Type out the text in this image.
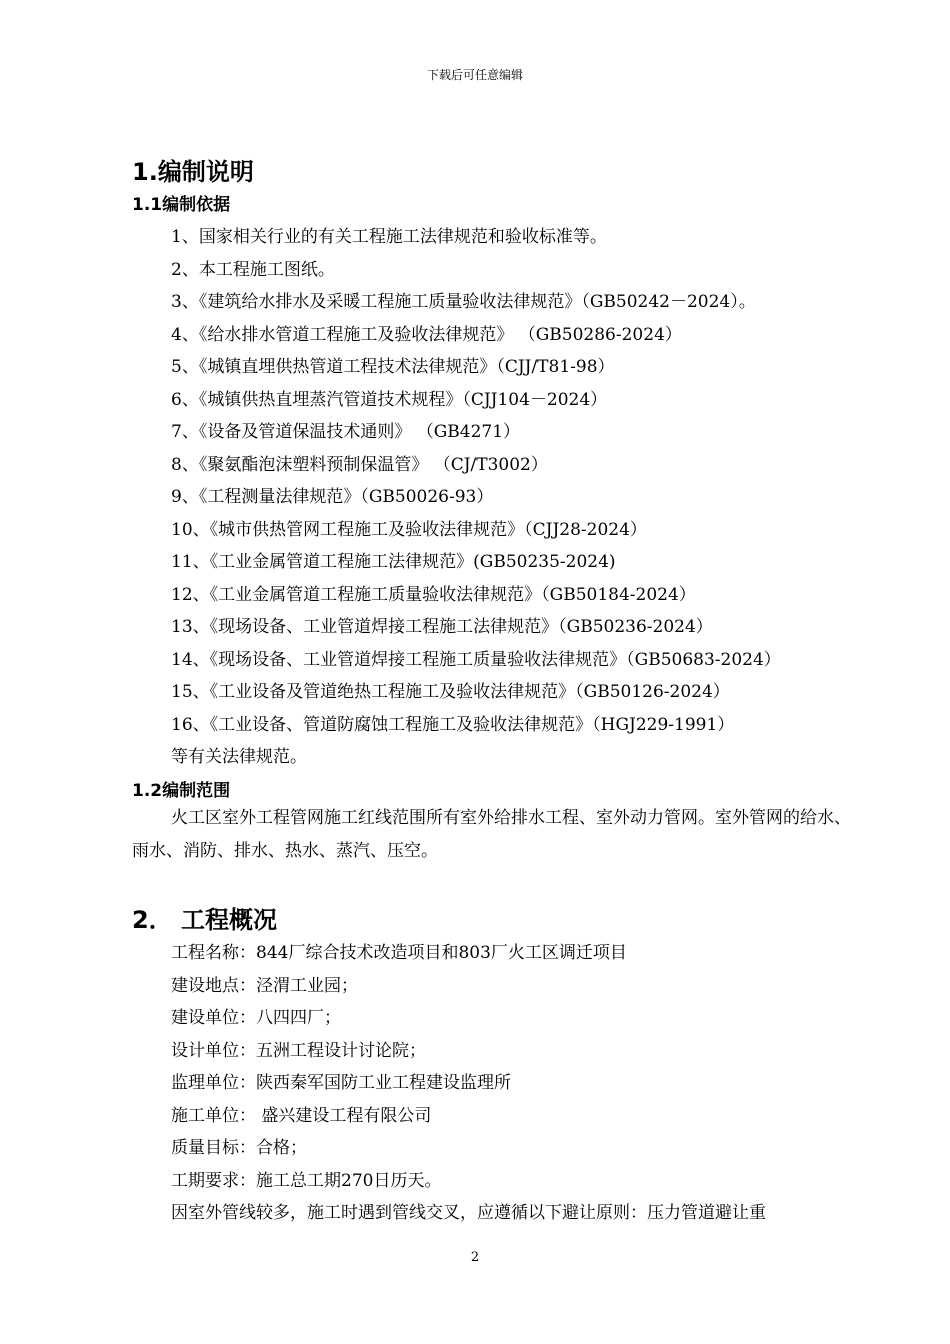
下载后可任意编辑
1.编制说明
1.1编制依据
1、国家相关行业的有关工程施工法律规范和验收标准等。
2、本工程施工图纸。
3、《建筑给水排水及采暖工程施工质量验收法律规范》（GB50242－2024）。
4、《给水排水管道工程施工及验收法律规范》 （GB50286-2024）
5、《城镇直埋供热管道工程技术法律规范》（CJJ/T81-98）
6、《城镇供热直埋蒸汽管道技术规程》（CJJ104－2024）
7、《设备及管道保温技术通则》 （GB4271）
8、《聚氨酯泡沫塑料预制保温管》 （CJ/T3002）
9、《工程测量法律规范》（GB50026-93）
10、《城市供热管网工程施工及验收法律规范》（CJJ28-2024）
11、《工业金属管道工程施工法律规范》(GB50235-2024)
12、《工业金属管道工程施工质量验收法律规范》（GB50184-2024）
13、《现场设备、工业管道焊接工程施工法律规范》（GB50236-2024）
14、《现场设备、工业管道焊接工程施工质量验收法律规范》（GB50683-2024）
15、《工业设备及管道绝热工程施工及验收法律规范》（GB50126-2024）
16、《工业设备、管道防腐蚀工程施工及验收法律规范》（HGJ229-1991）
等有关法律规范。
1.2编制范围
火工区室外工程管网施工红线范围所有室外给排水工程、室外动力管网。室外管网的给水、雨水、消防、排水、热水、蒸汽、压空。
2． 工程概况
工程名称：844厂综合技术改造项目和803厂火工区调迁项目
建设地点：泾渭工业园；
建设单位：八四四厂；
设计单位：五洲工程设计讨论院；
监理单位：陕西秦军国防工业工程建设监理所
施工单位： 盛兴建设工程有限公司
质量目标：合格；
工期要求：施工总工期270日历天。
因室外管线较多，施工时遇到管线交叉，应遵循以下避让原则：压力管道避让重
2
